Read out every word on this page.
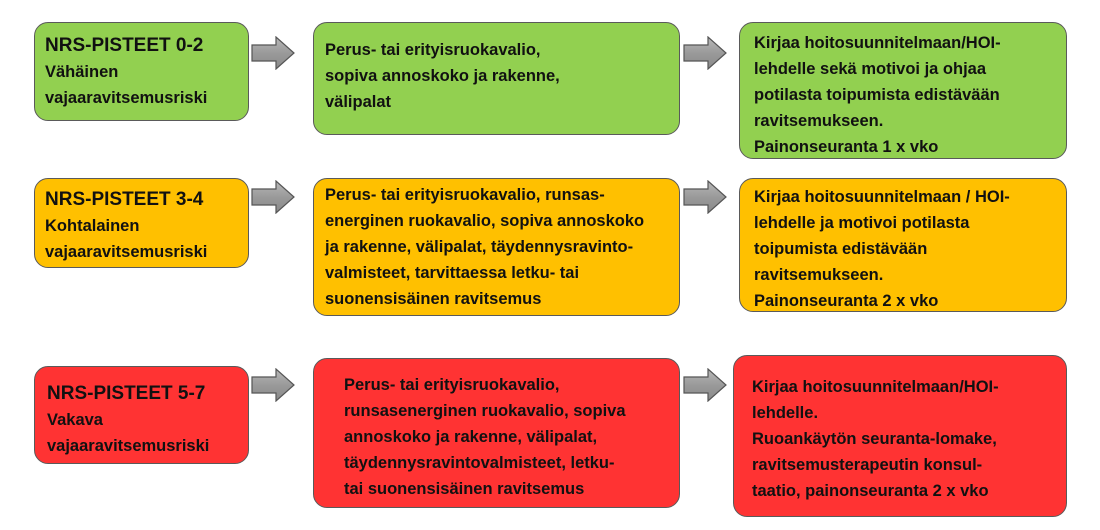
NRS-PISTEET 0-2
Vähäinen
vajaaravitsemusriski
Perus- tai erityisruokavalio,
sopiva annoskoko ja rakenne,
välipalat
Kirjaa hoitosuunnitelmaan/HOI-
lehdelle sekä motivoi ja ohjaa
potilasta toipumista edistävään
ravitsemukseen.
Painonseuranta 1 x vko
NRS-PISTEET 3-4
Kohtalainen
vajaaravitsemusriski
Perus- tai erityisruokavalio, runsas-
energinen ruokavalio, sopiva annoskoko
ja rakenne, välipalat, täydennysravinto-
valmisteet, tarvittaessa letku- tai
suonensisäinen ravitsemus
Kirjaa hoitosuunnitelmaan / HOI-
lehdelle ja motivoi potilasta
toipumista edistävään
ravitsemukseen.
Painonseuranta 2 x vko
NRS-PISTEET 5-7
Vakava
vajaaravitsemusriski
Perus- tai erityisruokavalio,
runsasenerginen ruokavalio, sopiva
annoskoko ja rakenne, välipalat,
täydennysravintovalmisteet, letku-
tai suonensisäinen ravitsemus
Kirjaa hoitosuunnitelmaan/HOI-
lehdelle.
Ruoankäytön seuranta-lomake,
ravitsemusterapeutin konsul-
taatio, painonseuranta 2 x vko
